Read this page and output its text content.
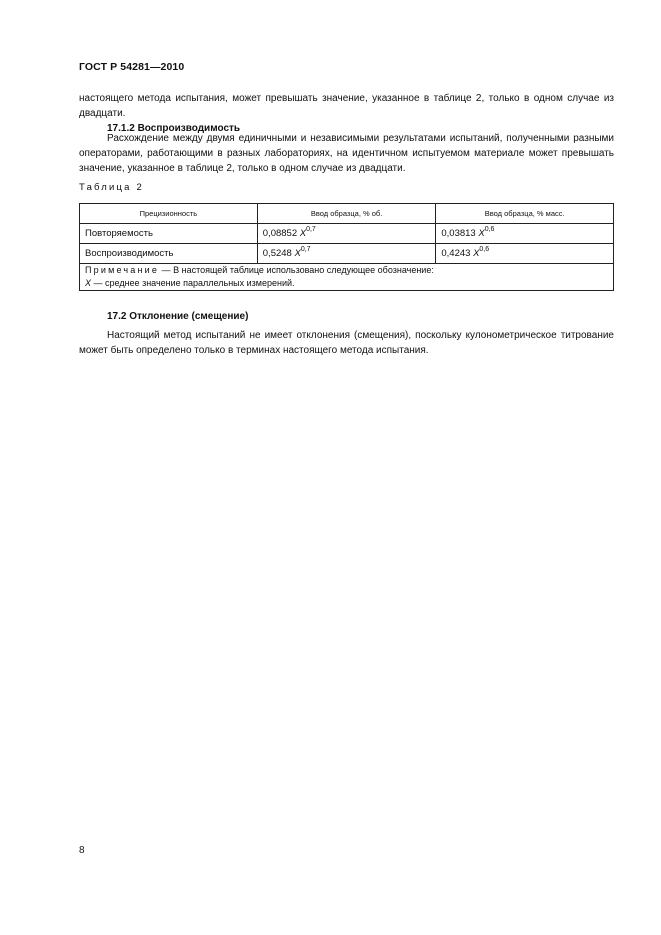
ГОСТ Р 54281—2010
настоящего метода испытания, может превышать значение, указанное в таблице 2, только в одном случае из двадцати.
17.1.2 Воспроизводимость
Расхождение между двумя единичными и независимыми результатами испытаний, полученными разными операторами, работающими в разных лабораториях, на идентичном испытуемом материале может превышать значение, указанное в таблице 2, только в одном случае из двадцати.
Таблица 2
Прецизионность	Ввод образца, % об.	Ввод образца, % масс.
Повторяемость	0,08852 X$^{0,7}$	0,03813 X$^{0,6}$
Воспроизводимость	0,5248 X$^{0,7}$	0,4243 X$^{0,6}$

Примечание — В настоящей таблице использовано следующее обозначение:
X — среднее значение параллельных измерений.		
17.2 Отклонение (смещение)
Настоящий метод испытаний не имеет отклонения (смещения), поскольку кулонометрическое титрование может быть определено только в терминах настоящего метода испытания.
8
